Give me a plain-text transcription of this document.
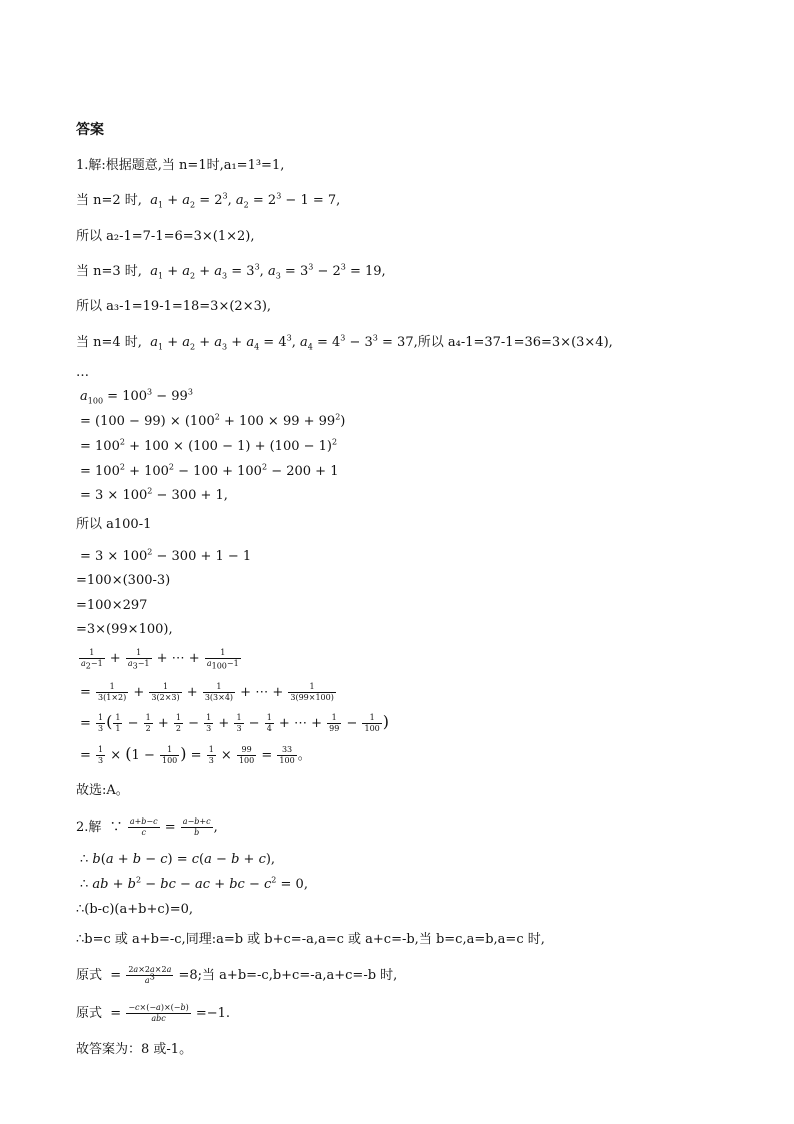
答案
1.解:根据题意,当 n=1时,a₁=1³=1,
当 n=2 时, $a_1 + a_2 = 2^3$, $a_2 = 2^3 - 1 = 7$,
所以 a₂-1=7-1=6=3×(1×2),
当 n=3 时, $a_1 + a_2 + a_3 = 3^3$, $a_3 = 3^3 - 2^3 = 19$,
所以 a₃-1=19-1=18=3×(2×3),
当 n=4 时, $a_1 + a_2 + a_3 + a_4 = 4^3$, $a_4 = 4^3 - 3^3 = 37$,所以 a₄-1=37-1=36=3×(3×4),
…
$a_{100} = 100^3 - 99^3$
= $(100 - 99) \times (100^2 + 100 \times 99 + 99^2)$
= $100^2 + 100 \times (100 - 1) + (100 - 1)^2$
= $100^2 + 100^2 - 100 + 100^2 - 200 + 1$
= $3 \times 100^2 - 300 + 1$,
所以 a100-1
= $3 \times 100^2 - 300 + 1 - 1$
=100×(300-3)
=100×297
=3×(99×100),
$\frac{1}{a_2-1} + \frac{1}{a_3-1}$ + ⋯ + $\frac{1}{a_{100}-1}$
= $\frac{1}{3(1\times 2)} + \frac{1}{3(2\times 3)} + \frac{1}{3(3\times 4)}$ + ⋯ + $\frac{1}{3(99\times 100)}$
= $\frac{1}{3}$ ( $\frac{1}{1} - \frac{1}{2} + \frac{1}{2} - \frac{1}{3} + \frac{1}{3} - \frac{1}{4}$ + ⋯ + $\frac{1}{99} - \frac{1}{100}$ )
= $\frac{1}{3} \times (1 - \frac{1}{100}$ ) = $\frac{1}{3} \times \frac{99}{100} = \frac{33}{100}$ 。
故选:A。
2.解  ∵ $\frac{a+b-c}{c} = \frac{a-b+c}{b}$ ,
∴ b(a + b − c) = c(a − b + c),
∴ ab + $b^2$ − bc − ac + bc − $c^2 = 0$,
∴(b-c)(a+b+c)=0,
∴b=c 或 a+b=-c,同理:a=b 或 b+c=-a,a=c 或 a+c=-b,当 b=c,a=b,a=c 时,
原式  = $\frac{2a\times 2a\times 2a}{a^3} =8$;当 a+b=-c,b+c=-a,a+c=-b 时,
原式  = $\frac{-c\times(-a)\times(-b)}{\text{abc}} =-1$.
故答案为：8 或-1。
